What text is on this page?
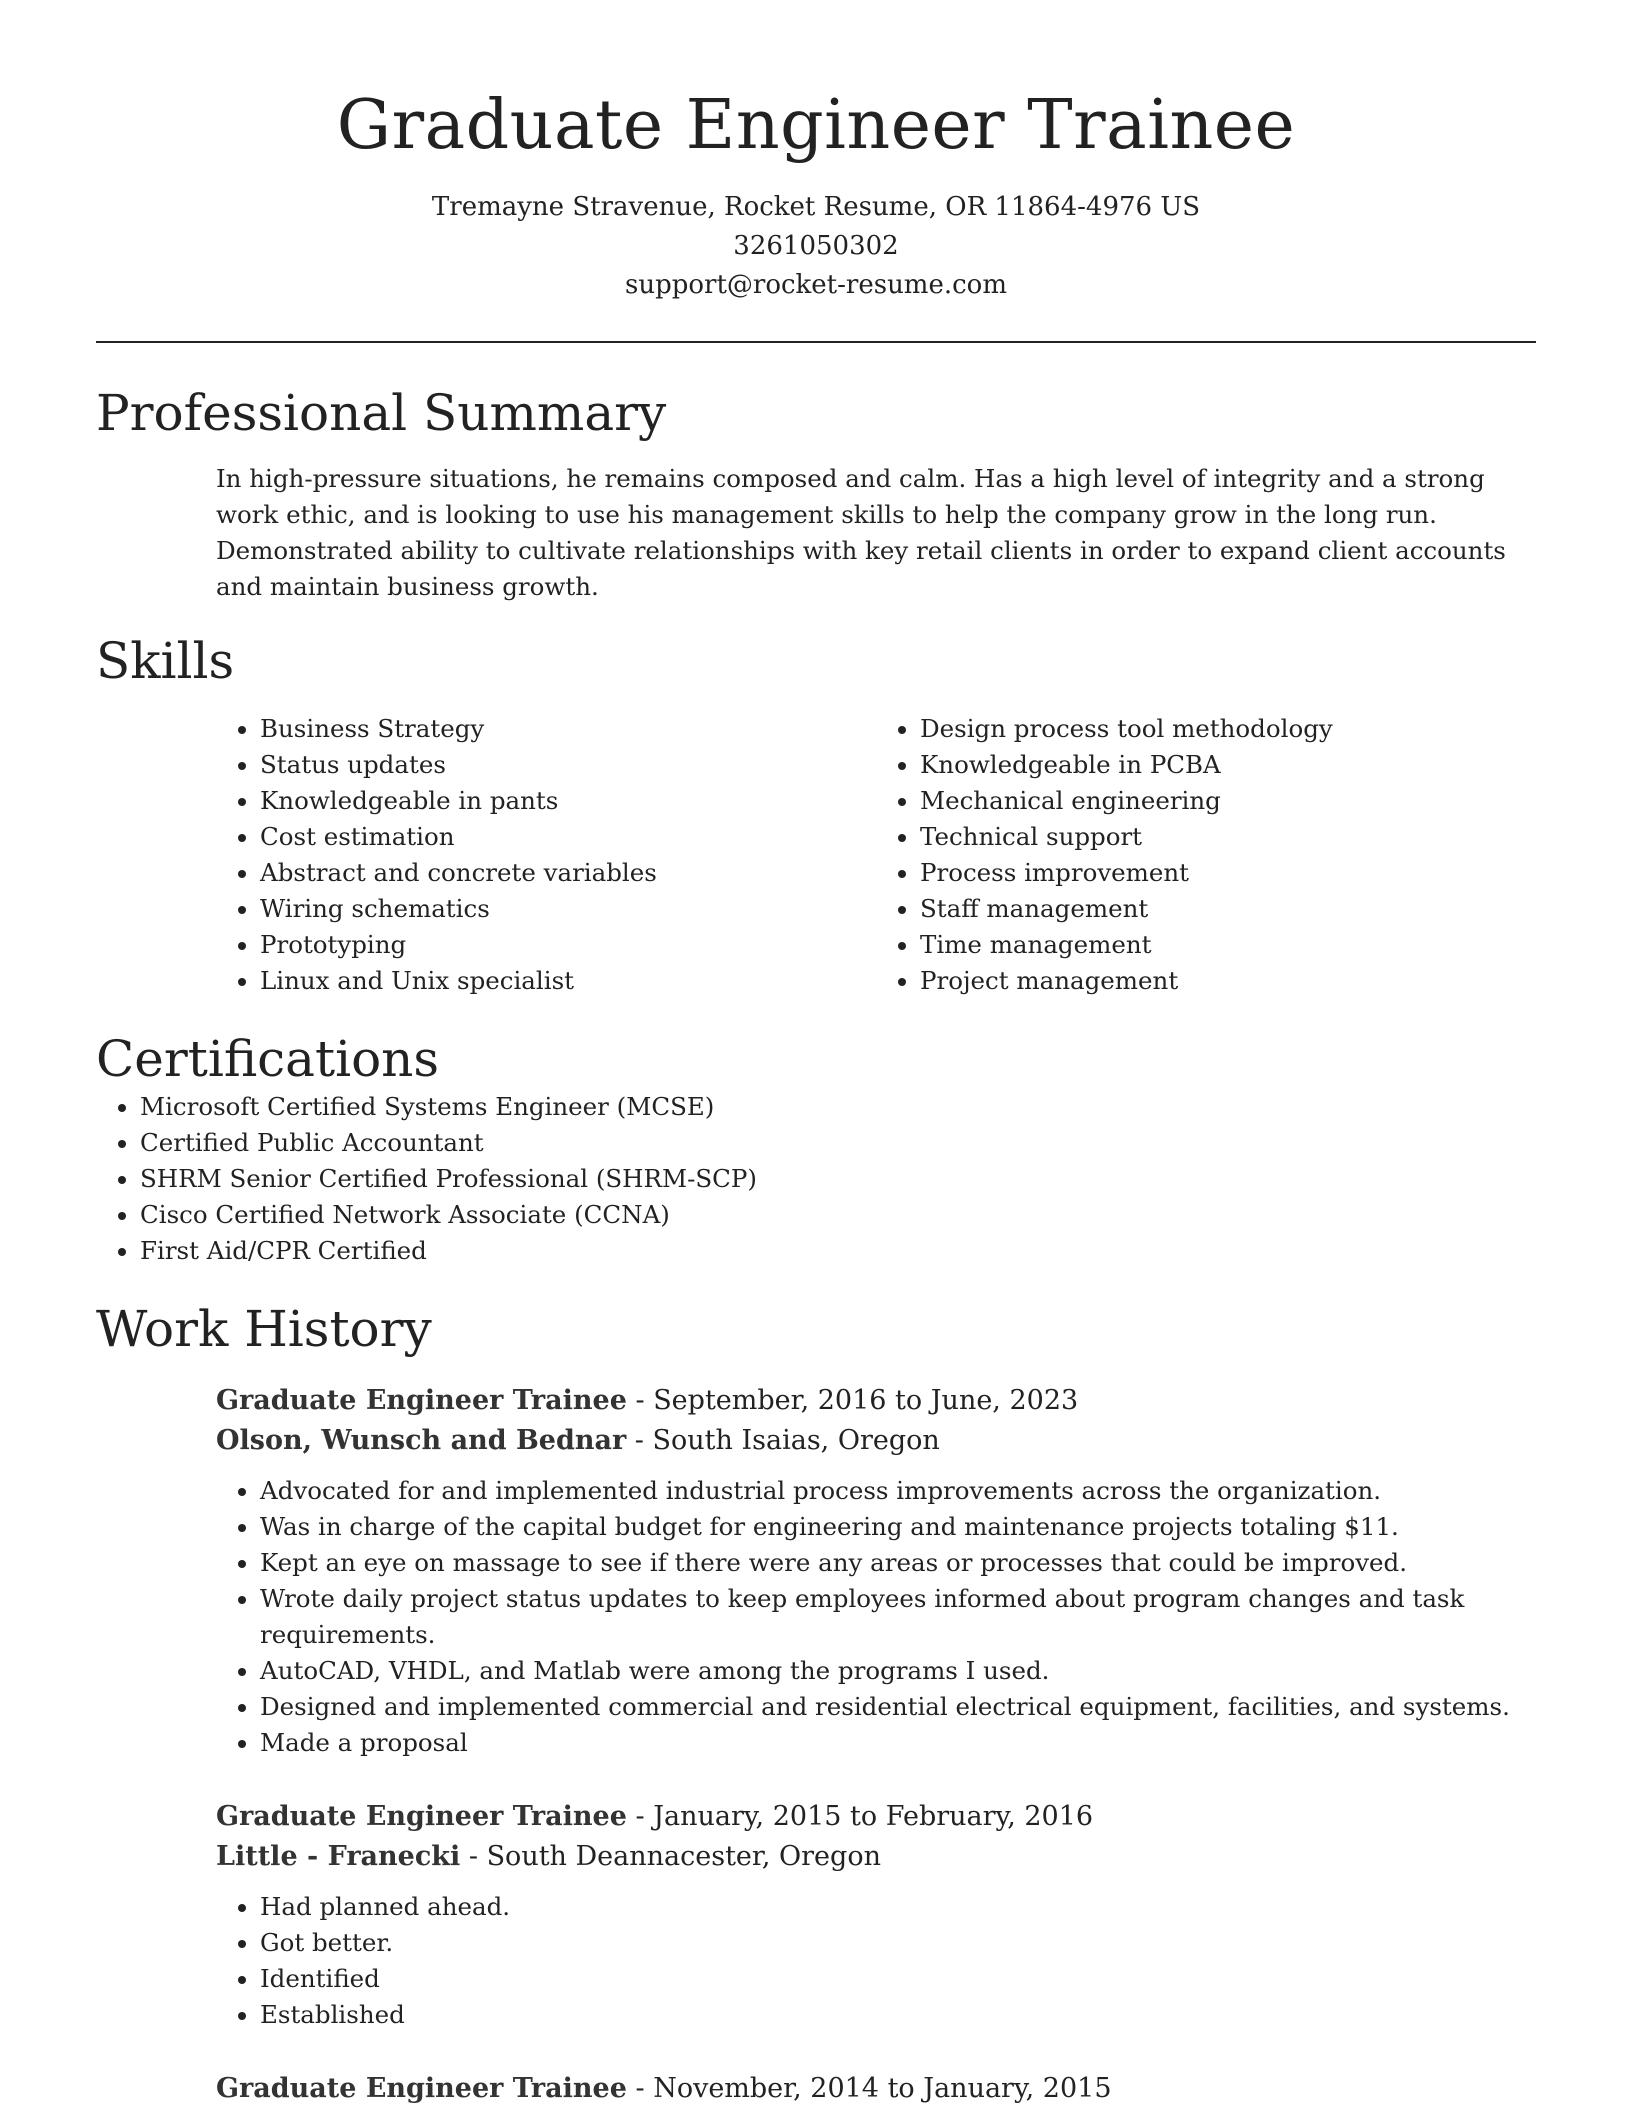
Graduate Engineer Trainee
Tremayne Stravenue, Rocket Resume, OR 11864-4976 US
3261050302
support@rocket-resume.com
Professional Summary
In high-pressure situations, he remains composed and calm. Has a high level of integrity and a strong work ethic, and is looking to use his management skills to help the company grow in the long run. Demonstrated ability to cultivate relationships with key retail clients in order to expand client accounts and maintain business growth.
Skills
• Business Strategy
• Status updates
• Knowledgeable in pants
• Cost estimation
• Abstract and concrete variables
• Wiring schematics
• Prototyping
• Linux and Unix specialist
• Design process tool methodology
• Knowledgeable in PCBA
• Mechanical engineering
• Technical support
• Process improvement
• Staff management
• Time management
• Project management
Certifications
• Microsoft Certified Systems Engineer (MCSE)
• Certified Public Accountant
• SHRM Senior Certified Professional (SHRM-SCP)
• Cisco Certified Network Associate (CCNA)
• First Aid/CPR Certified
Work History
Graduate Engineer Trainee - September, 2016 to June, 2023
Olson, Wunsch and Bednar - South Isaias, Oregon
• Advocated for and implemented industrial process improvements across the organization.
• Was in charge of the capital budget for engineering and maintenance projects totaling $11.
• Kept an eye on massage to see if there were any areas or processes that could be improved.
• Wrote daily project status updates to keep employees informed about program changes and task requirements.
• AutoCAD, VHDL, and Matlab were among the programs I used.
• Designed and implemented commercial and residential electrical equipment, facilities, and systems.
• Made a proposal
Graduate Engineer Trainee - January, 2015 to February, 2016
Little - Franecki - South Deannacester, Oregon
• Had planned ahead.
• Got better.
• Identified
• Established
Graduate Engineer Trainee - November, 2014 to January, 2015
